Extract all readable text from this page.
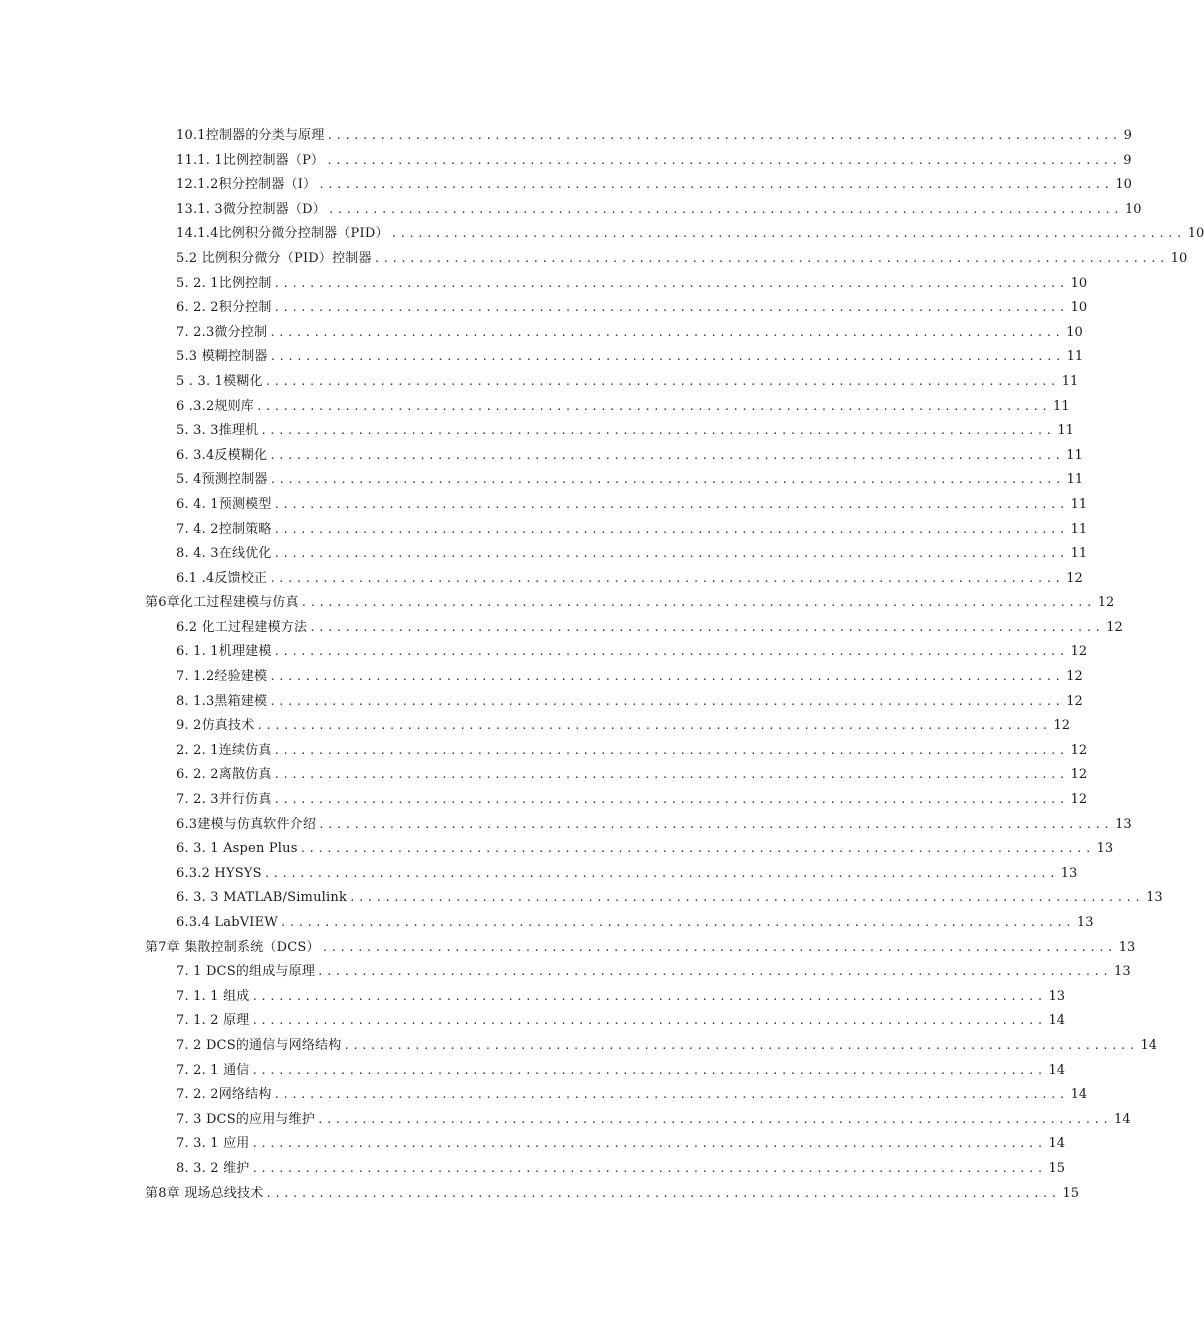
10.1控制器的分类与原理 .......................................................................................... 9
11.1. 1比例控制器（P） .......................................................................................... 9
12.1.2积分控制器（I） .......................................................................................... 10
13.1. 3微分控制器（D） .......................................................................................... 10
14.1.4比例积分微分控制器（PID） .......................................................................................... 10
5.2 比例积分微分（PID）控制器 .......................................................................................... 10
5. 2. 1比例控制 .......................................................................................... 10
6. 2. 2积分控制 .......................................................................................... 10
7. 2.3微分控制 .......................................................................................... 10
5.3 模糊控制器 .......................................................................................... 11
5 . 3. 1模糊化 .......................................................................................... 11
6 .3.2规则库 .......................................................................................... 11
5. 3. 3推理机 .......................................................................................... 11
6. 3.4反模糊化 .......................................................................................... 11
5. 4预测控制器 .......................................................................................... 11
6. 4. 1预测模型 .......................................................................................... 11
7. 4. 2控制策略 .......................................................................................... 11
8. 4. 3在线优化 .......................................................................................... 11
6.1 .4反馈校正 .......................................................................................... 12
第6章化工过程建模与仿真 .......................................................................................... 12
6.2 化工过程建模方法 .......................................................................................... 12
6. 1. 1机理建模 .......................................................................................... 12
7. 1.2经验建模 .......................................................................................... 12
8. 1.3黑箱建模 .......................................................................................... 12
9. 2仿真技术 .......................................................................................... 12
2. 2. 1连续仿真 .......................................................................................... 12
6. 2. 2离散仿真 .......................................................................................... 12
7. 2. 3并行仿真 .......................................................................................... 12
6.3建模与仿真软件介绍 .......................................................................................... 13
6. 3. 1 Aspen Plus .......................................................................................... 13
6.3.2 HYSYS .......................................................................................... 13
6. 3. 3 MATLAB/Simulink .......................................................................................... 13
6.3.4 LabVIEW .......................................................................................... 13
第7章 集散控制系统（DCS） .......................................................................................... 13
7. 1 DCS的组成与原理 .......................................................................................... 13
7. 1. 1 组成 .......................................................................................... 13
7. 1. 2 原理 .......................................................................................... 14
7. 2 DCS的通信与网络结构 .......................................................................................... 14
7. 2. 1 通信 .......................................................................................... 14
7. 2. 2网络结构 .......................................................................................... 14
7. 3 DCS的应用与维护 .......................................................................................... 14
7. 3. 1 应用 .......................................................................................... 14
8. 3. 2 维护 .......................................................................................... 15
第8章 现场总线技术 .......................................................................................... 15
